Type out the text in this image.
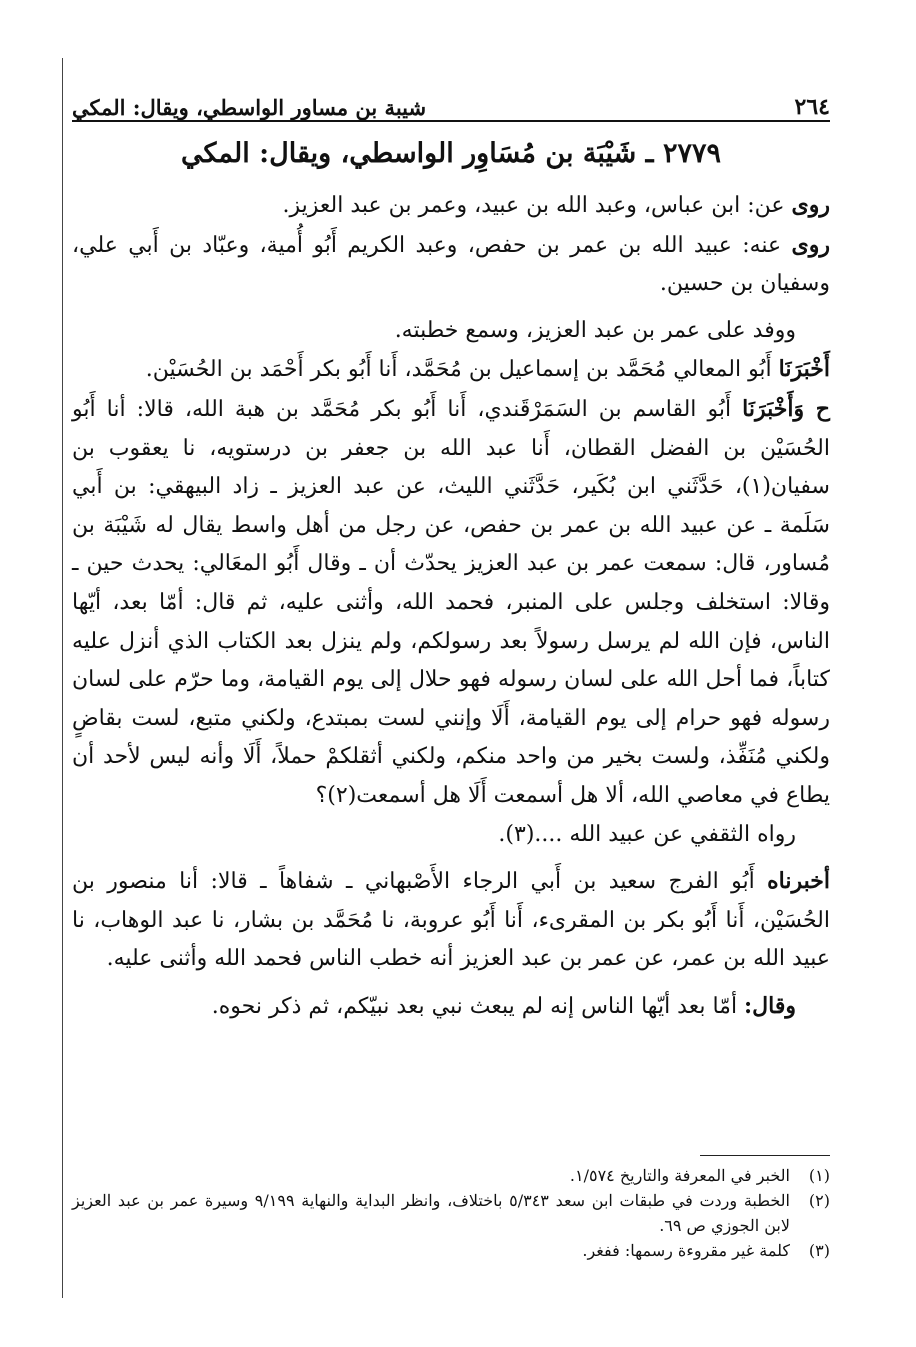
٢٦٤
شيبة بن مساور الواسطي، ويقال: المكي

٢٧٧٩ ـ شَيْبَة بن مُسَاوِر الواسطي، ويقال: المكي

روى عن: ابن عباس، وعبد الله بن عبيد، وعمر بن عبد العزيز.

روى عنه: عبيد الله بن عمر بن حفص، وعبد الكريم أَبُو أُمية، وعبّاد بن أَبي علي، وسفيان بن حسين.

ووفد على عمر بن عبد العزيز، وسمع خطبته.

أَخْبَرَنَا أَبُو المعالي مُحَمَّد بن إسماعيل بن مُحَمَّد، أَنا أَبُو بكر أَحْمَد بن الحُسَيْن.

ح وَأَخْبَرَنَا أَبُو القاسم بن السَمَرْقَندي، أَنا أَبُو بكر مُحَمَّد بن هبة الله، قالا: أنا أَبُو الحُسَيْن بن الفضل القطان، أَنا عبد الله بن جعفر بن درستويه، نا يعقوب بن سفيان(١)، حَدَّثَني ابن بُكَير، حَدَّثَني الليث، عن عبد العزيز ـ زاد البيهقي: بن أَبي سَلَمة ـ عن عبيد الله بن عمر بن حفص، عن رجل من أهل واسط يقال له شَيْبَة بن مُساور، قال: سمعت عمر بن عبد العزيز يحدّث أن ـ وقال أَبُو المعَالي: يحدث حين ـ وقالا: استخلف وجلس على المنبر، فحمد الله، وأثنى عليه، ثم قال: أمّا بعد، أيّها الناس، فإن الله لم يرسل رسولاً بعد رسولكم، ولم ينزل بعد الكتاب الذي أنزل عليه كتاباً، فما أحل الله على لسان رسوله فهو حلال إلى يوم القيامة، وما حرّم على لسان رسوله فهو حرام إلى يوم القيامة، أَلَا وإنني لست بمبتدع، ولكني متبع، لست بقاضٍ ولكني مُنَفِّذ، ولست بخير من واحد منكم، ولكني أثقلكمْ حملاً، أَلَا وأنه ليس لأحد أن يطاع في معاصي الله، ألا هل أسمعت أَلَا هل أسمعت(٢)؟

رواه الثقفي عن عبيد الله ....(٣).

أخبرناه أَبُو الفرج سعيد بن أَبي الرجاء الأَصْبهاني ـ شفاهاً ـ قالا: أنا منصور بن الحُسَيْن، أَنا أَبُو بكر بن المقرىء، أَنا أَبُو عروبة، نا مُحَمَّد بن بشار، نا عبد الوهاب، نا عبيد الله بن عمر، عن عمر بن عبد العزيز أنه خطب الناس فحمد الله وأثنى عليه.

وقال: أمّا بعد أيّها الناس إنه لم يبعث نبي بعد نبيّكم، ثم ذكر نحوه.

(١)
الخبر في المعرفة والتاريخ ١/٥٧٤.
(٢)
الخطبة وردت في طبقات ابن سعد ٥/٣٤٣ باختلاف، وانظر البداية والنهاية ٩/١٩٩ وسيرة عمر بن عبد العزيز لابن الجوزي ص ٦٩.
(٣)
كلمة غير مقروءة رسمها: ففغر.
